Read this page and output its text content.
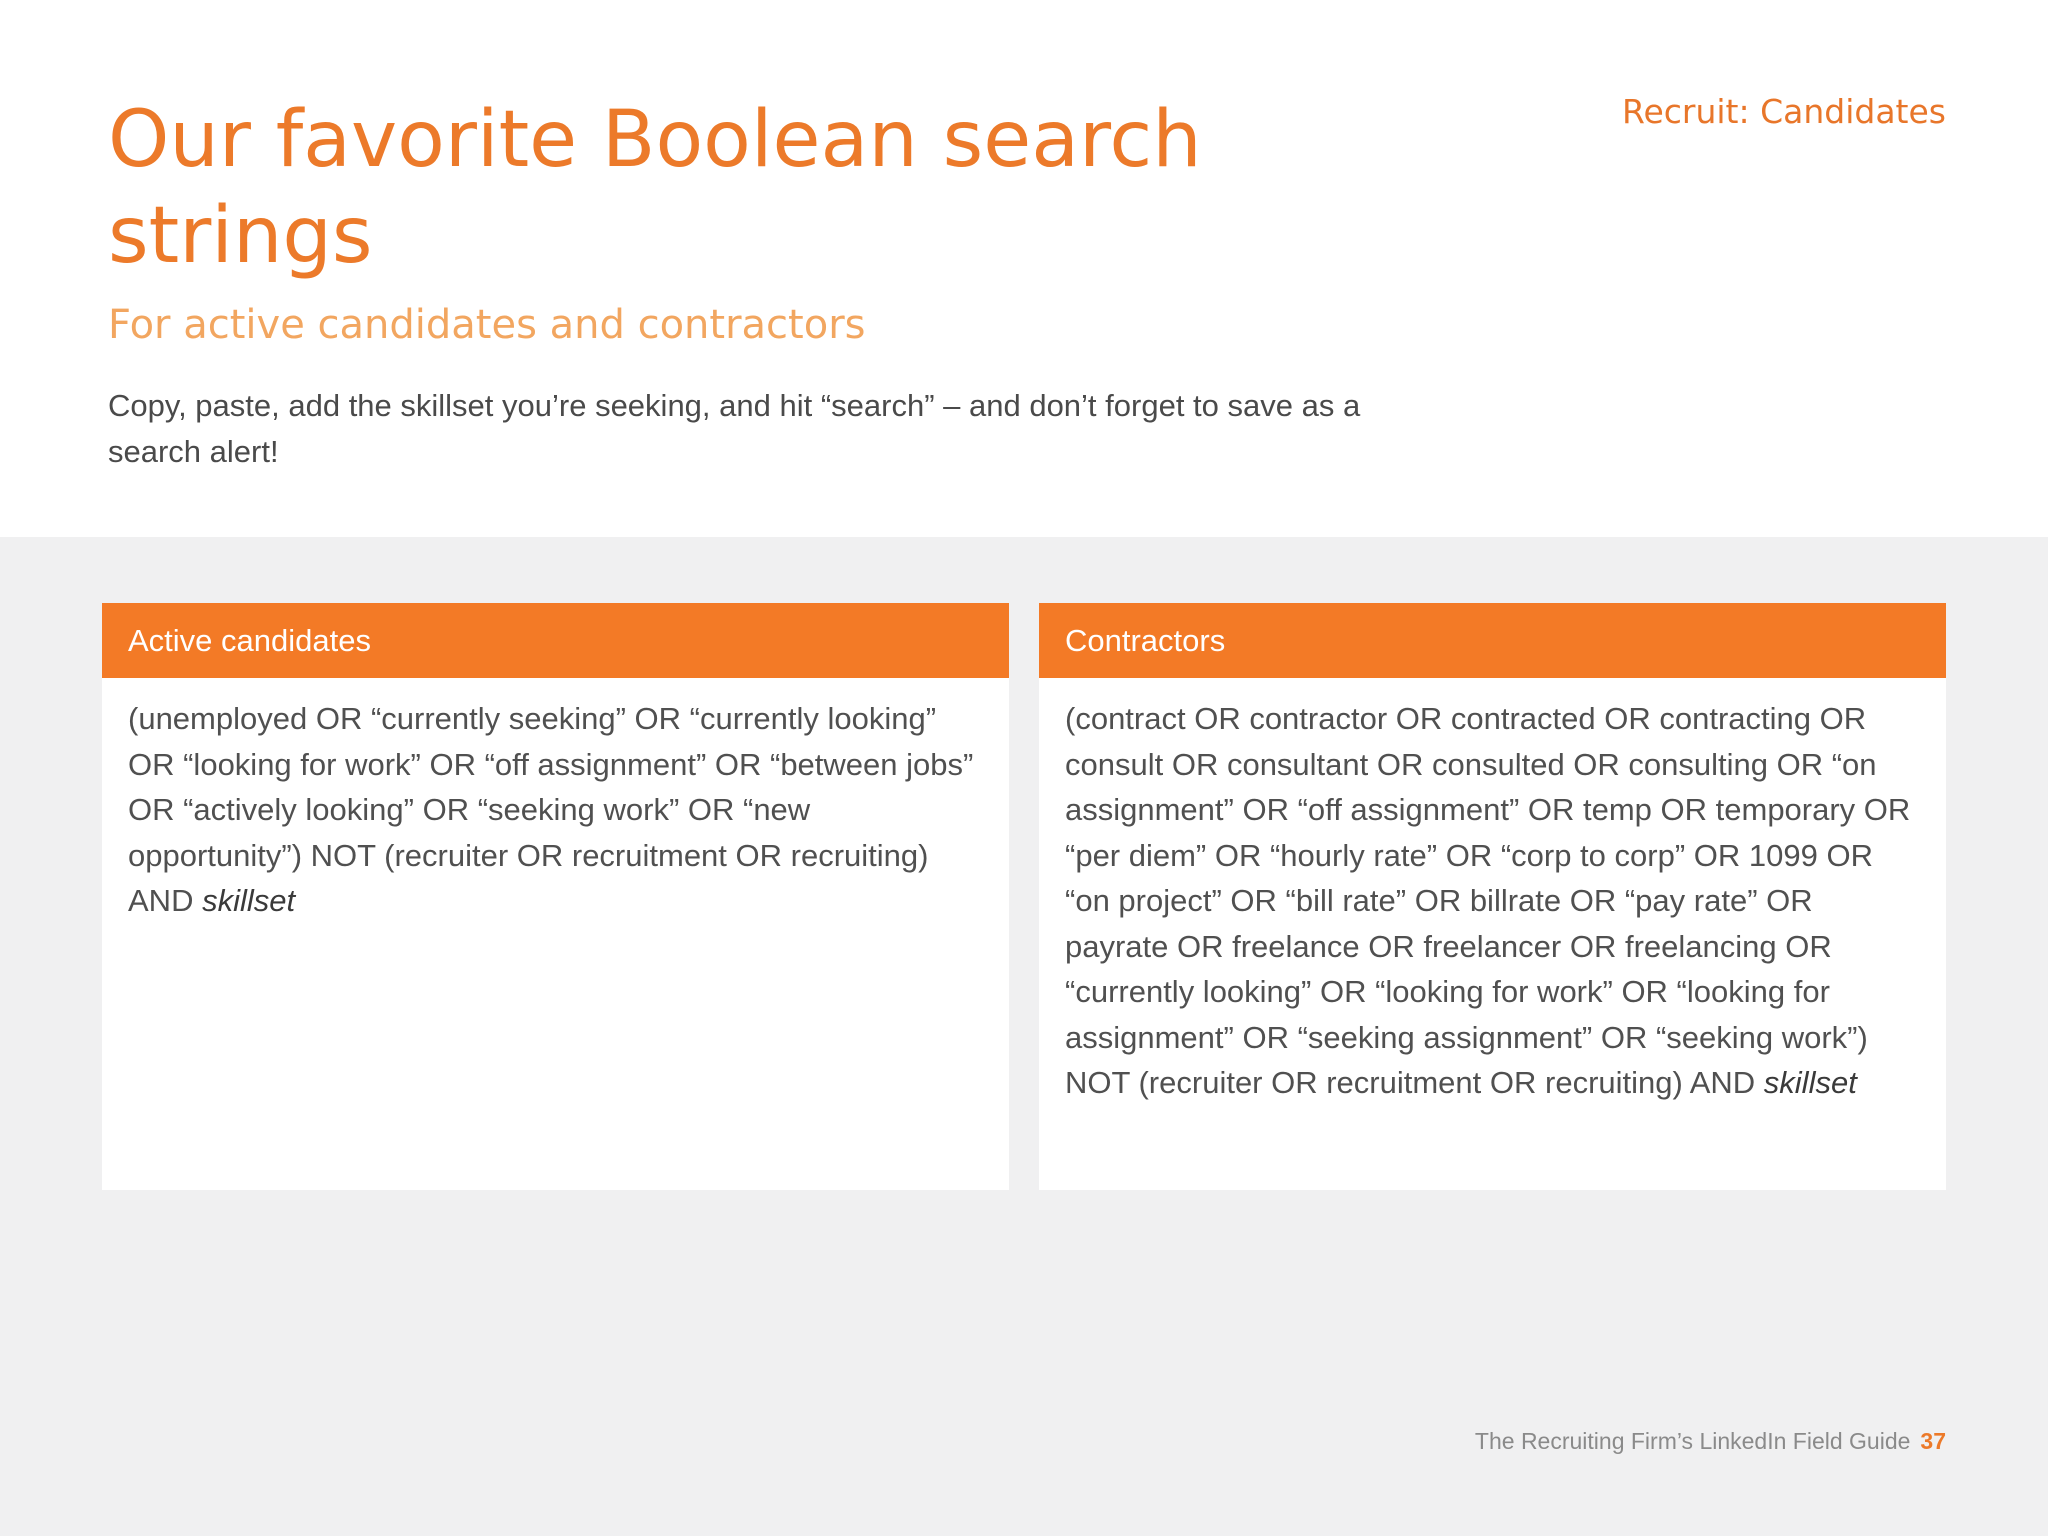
Recruit: Candidates

Our favorite Boolean search strings
For active candidates and contractors

Copy, paste, add the skillset you’re seeking, and hit “search” – and don’t forget to save as a search alert!

Active candidates
(unemployed OR “currently seeking” OR “currently looking” OR “looking for work” OR “off assignment” OR “between jobs” OR “actively looking” OR “seeking work” OR “new opportunity”) NOT (recruiter OR recruitment OR recruiting) AND skillset
Contractors
(contract OR contractor OR contracted OR contracting OR consult OR consultant OR consulted OR consulting OR “on assignment” OR “off assignment” OR temp OR temporary OR “per diem” OR “hourly rate” OR “corp to corp” OR 1099 OR “on project” OR “bill rate” OR billrate OR “pay rate” OR payrate OR freelance OR freelancer OR freelancing OR “currently looking” OR “looking for work” OR “looking for assignment” OR “seeking assignment” OR “seeking work”) NOT (recruiter OR recruitment OR recruiting) AND skillset
The Recruiting Firm’s LinkedIn Field Guide 37
